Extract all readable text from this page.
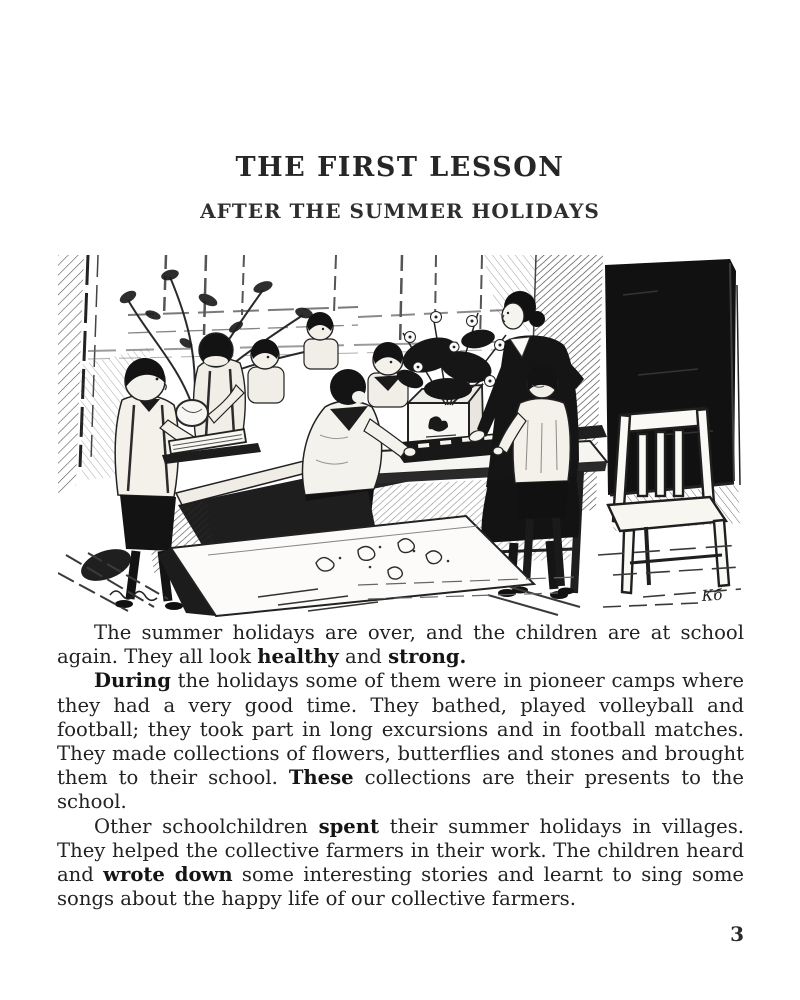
THE FIRST LESSON
AFTER THE SUMMER HOLIDAYS
Кб

The summer holidays are over, and the children are at school again. They all look healthy and strong.

During the holidays some of them were in pioneer camps where they had a very good time. They bathed, played volleyball and football; they took part in long excursions and in football matches. They made collections of flowers, butterflies and stones and brought them to their school. These collections are their presents to the school.

Other schoolchildren spent their summer holidays in villages. They helped the collective farmers in their work. The children heard and wrote down some interesting stories and learnt to sing some songs about the happy life of our collective farmers.

3
